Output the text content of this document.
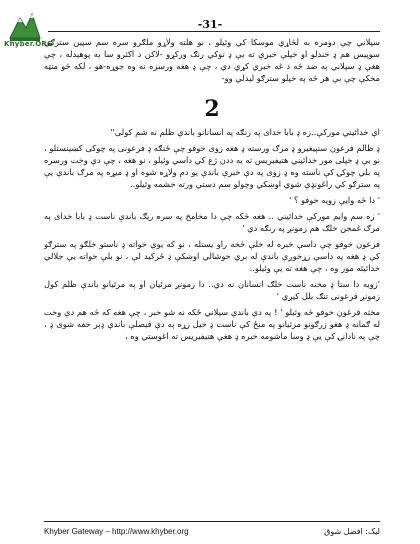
Khyber.ORG
-31-

سپلاني چې دومره به لڅاړي موسکا کي وئيلو ، نو هلته ولاړو ملګرو سره سم سپين سترګي سوپيس هم ډ خندلو او خپلې خبرې ته يې ډ توکي رنګ ورکړو -لاکن د اکثرو سا به پوهيدله ، چې هغې ډ سپلاني په ضد څه د غه خبري کړي دي ، چې ډ هغه ورسره نه وه جوړه-هو ، لکه څو منټه مخکې چې بې هر څه په خپلو سترګو ليدلي وو-

2

اې خدائيني مورکې..زه ډ بابا خدای په رنګه په انسانانو باندې ظلم نه شم کولی''

ډ ظالم فرعون سنپيغيرو ډ مرګ ورسته ډ هغه زوى خوفو چې ځنګه ډ فرعونى په چوکى کښينستلو ، نو بې ډ خپلى مور خدائيني هتيفيريس ته يه ددن ژغ کي داسي وئيلو ، نو هغه ، چې دې وخت ورسره په بلي چوکۍ کې ناسته وه ډ زوى په دې خبرې باندې يو دم ولاړه شوه او ډ ميړه په مرګ باندې يې په سترګو کي راغونډې شوي اوښکي وچولو سم دستي ورته خشمه وئيلو..

' دا څه وايې زويه خوفو ؟ '

' زه سم وايم مورکې خدائيني .. هغه څکه چې دا مخامخ په سره ريګ باندې ناست ډ بابا خداى په مرګ غمجن خلګ هم زمونږ په رنګه دي '

فرعون خوفو چې داسې خبره له خلې څخه راو يستله ، نو که يوې خواته ډ ناستو خلګو په سترګو کې ډ هغه په داسې زړخوږې باندې له بري خوشالي اوښکې ډ ځرکيد لې ، نو بلې خواته يې جلالي خدائيئه مور وه ، چې هغه ته يې وئيلو..

'زويه دا ستا ډ مخنه ناست خلګ انسانان نه دي.. دا زمونږ مرئيان او په مرئيانو باندې ظلم کول زمونږ فرعونى تنګ بلل کيږي '

مخته فرعون خوفو څه وئيلو ' ! په دې باندې سپلاني ځکه نه شو خبر ، چې هغه که څه هم دې وخت له ګمانه ډ هغو زرګونو مرئيانو په منځ کې ناست ډ خيل زړه په دې فيصلې باندې ډېر خفه شوى ډ ، چې په نادانۍ کې يې ډ وسا ماشومه خبره ډ هغې هتيفيريس ته اغوستي وه ،

Khyber Gateway – http://www.khyber.org	ليک: افضل شوق
